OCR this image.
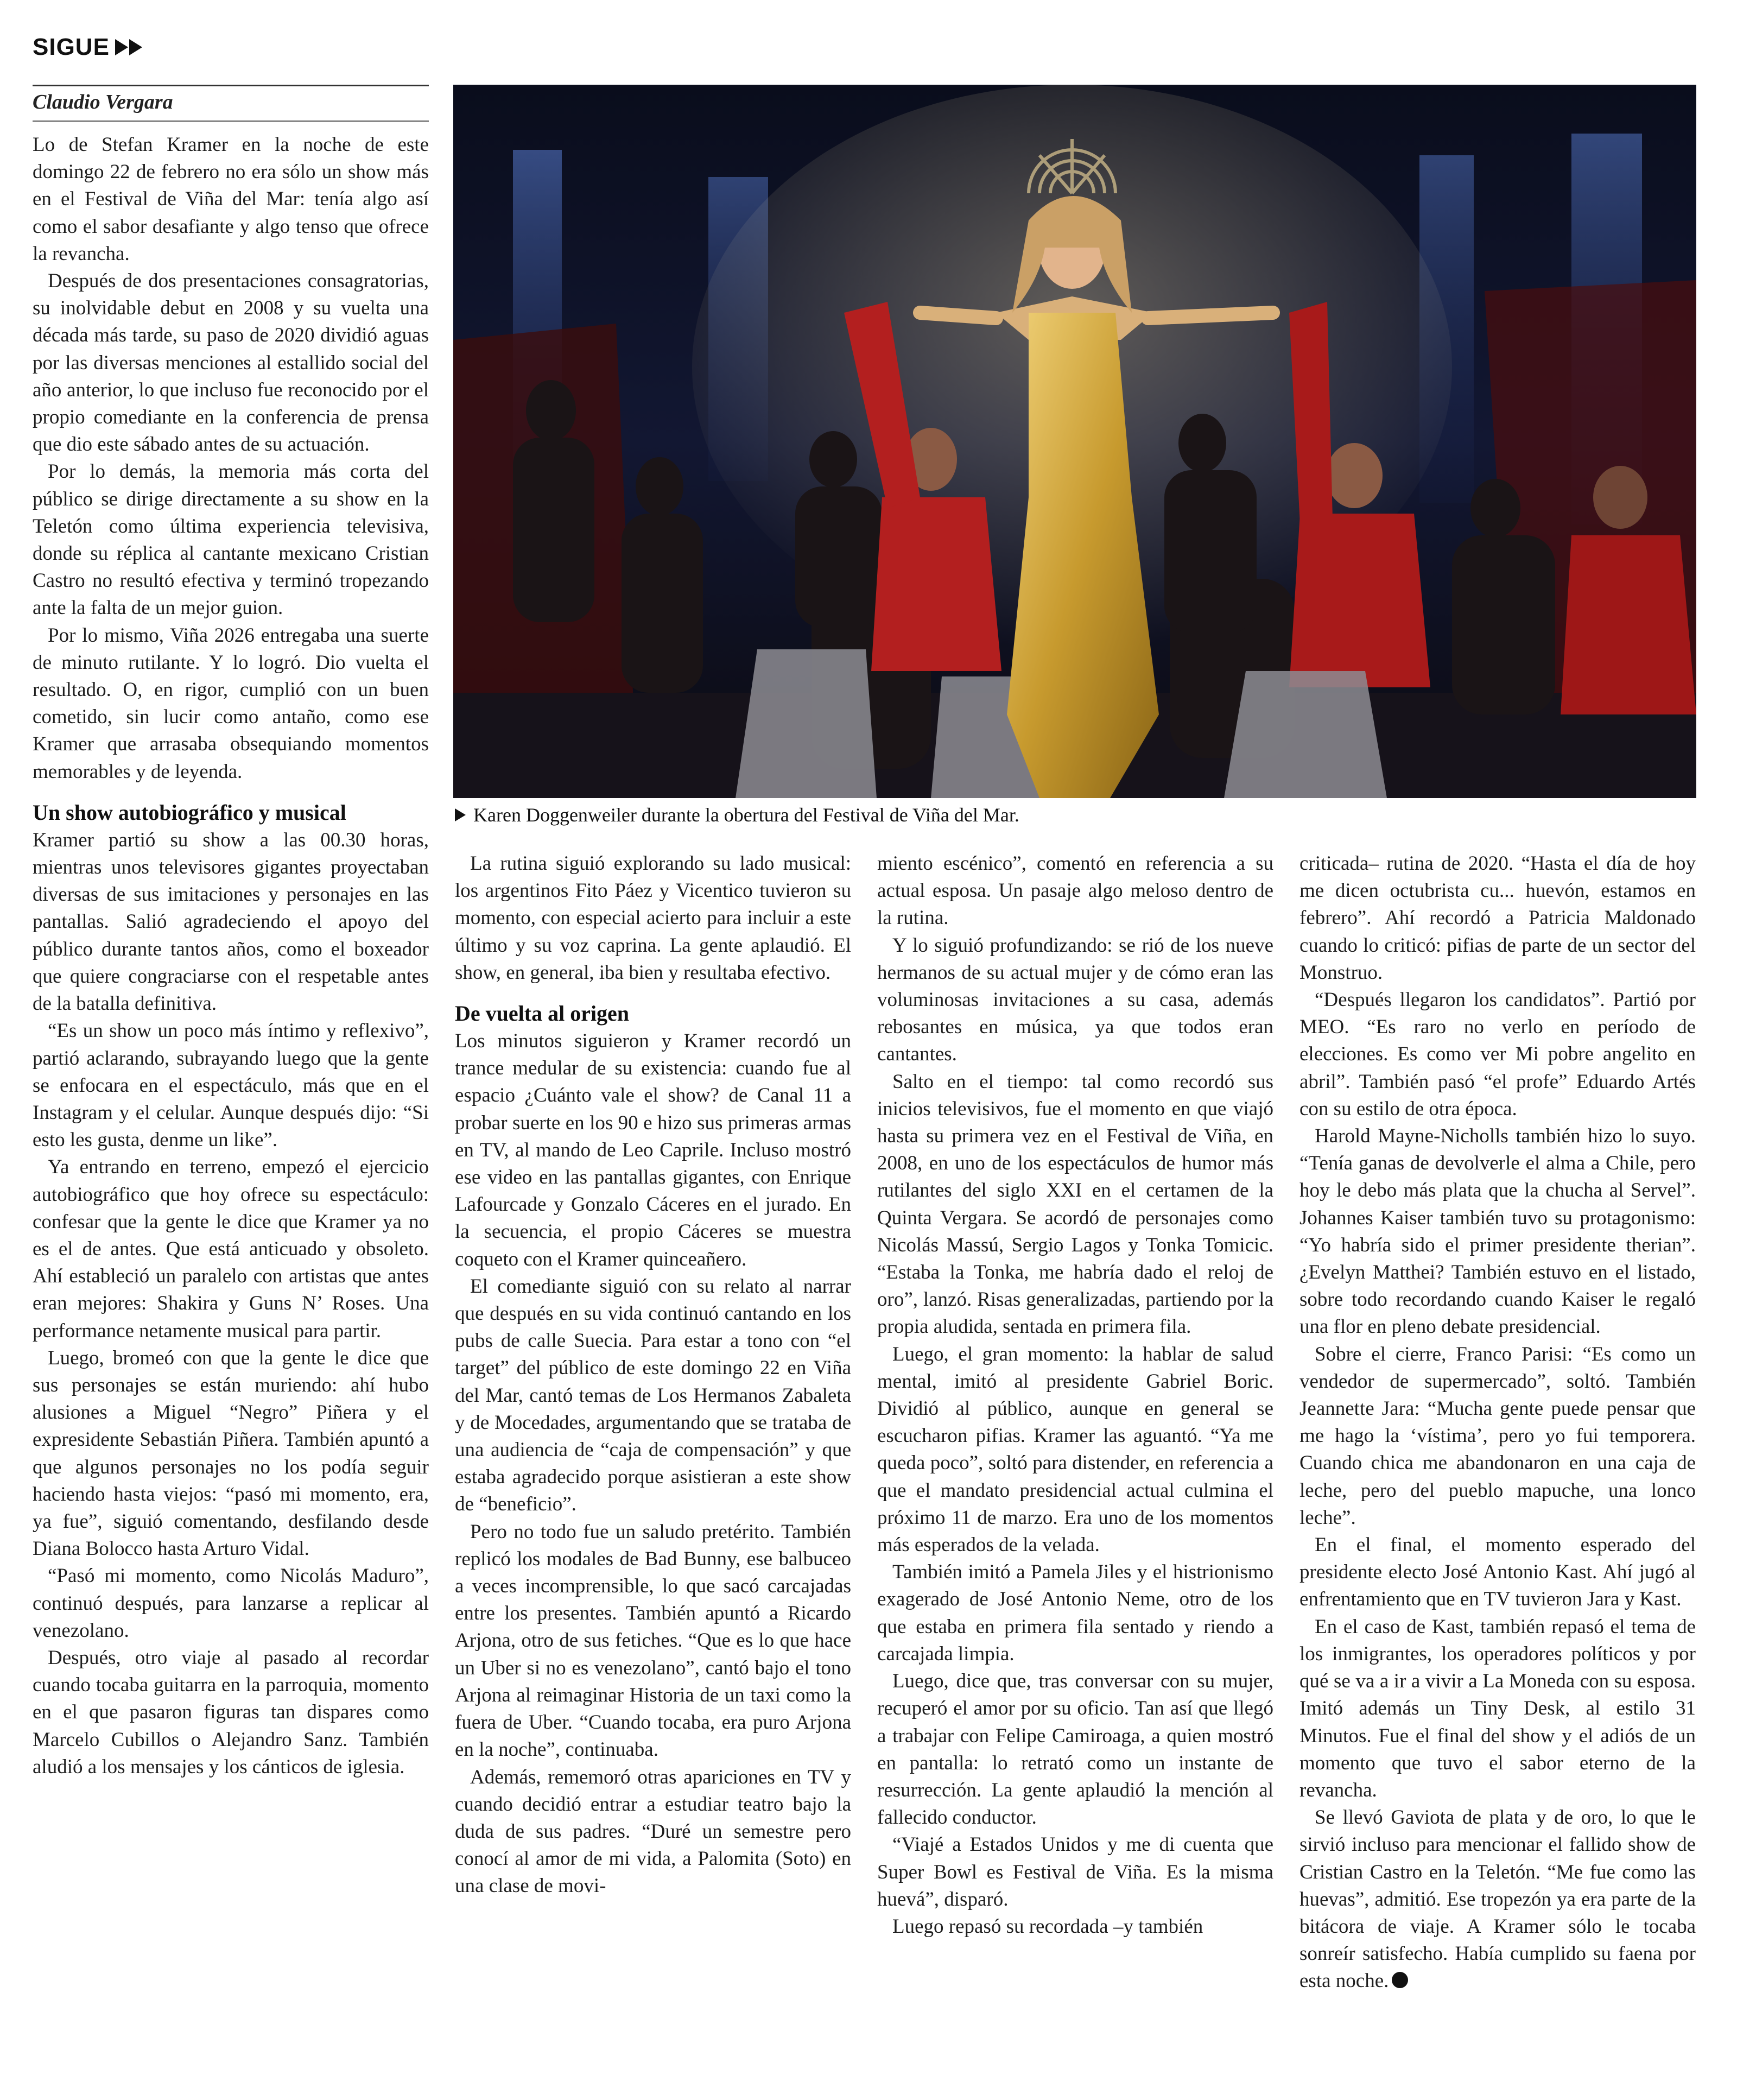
SIGUE
Claudio Vergara
Karen Doggenweiler durante la obertura del Festival de Viña del Mar.

Lo de Stefan Kramer en la noche de este domingo 22 de febrero no era sólo un show más en el Festival de Viña del Mar: tenía algo así como el sabor desafiante y algo tenso que ofrece la revancha.

Después de dos presentaciones consagratorias, su inolvidable debut en 2008 y su vuelta una década más tarde, su paso de 2020 dividió aguas por las diversas menciones al estallido social del año anterior, lo que incluso fue reconocido por el propio comediante en la conferencia de prensa que dio este sábado antes de su actuación.

Por lo demás, la memoria más corta del público se dirige directamente a su show en la Teletón como última experiencia televisiva, donde su réplica al cantante mexicano Cristian Castro no resultó efectiva y terminó tropezando ante la falta de un mejor guion.

Por lo mismo, Viña 2026 entregaba una suerte de minuto rutilante. Y lo logró. Dio vuelta el resultado. O, en rigor, cumplió con un buen cometido, sin lucir como antaño, como ese Kramer que arrasaba obsequiando momentos memorables y de leyenda.

Un show autobiográfico y musical

Kramer partió su show a las 00.30 horas, mientras unos televisores gigantes proyectaban diversas de sus imitaciones y personajes en las pantallas. Salió agradeciendo el apoyo del público durante tantos años, como el boxeador que quiere congraciarse con el respetable antes de la batalla definitiva.

“Es un show un poco más íntimo y reflexivo”, partió aclarando, subrayando luego que la gente se enfocara en el espectáculo, más que en el Instagram y el celular. Aunque después dijo: “Si esto les gusta, denme un like”.

Ya entrando en terreno, empezó el ejercicio autobiográfico que hoy ofrece su espectáculo: confesar que la gente le dice que Kramer ya no es el de antes. Que está anticuado y obsoleto. Ahí estableció un paralelo con artistas que antes eran mejores: Shakira y Guns N’ Roses. Una performance netamente musical para partir.

Luego, bromeó con que la gente le dice que sus personajes se están muriendo: ahí hubo alusiones a Miguel “Negro” Piñera y el expresidente Sebastián Piñera. También apuntó a que algunos personajes no los podía seguir haciendo hasta viejos: “pasó mi momento, era, ya fue”, siguió comentando, desfilando desde Diana Bolocco hasta Arturo Vidal.

“Pasó mi momento, como Nicolás Maduro”, continuó después, para lanzarse a replicar al venezolano.

Después, otro viaje al pasado al recordar cuando tocaba guitarra en la parroquia, momento en el que pasaron figuras tan dispares como Marcelo Cubillos o Alejandro Sanz. También aludió a los mensajes y los cánticos de iglesia.

La rutina siguió explorando su lado musical: los argentinos Fito Páez y Vicentico tuvieron su momento, con especial acierto para incluir a este último y su voz caprina. La gente aplaudió. El show, en general, iba bien y resultaba efectivo.

De vuelta al origen

Los minutos siguieron y Kramer recordó un trance medular de su existencia: cuando fue al espacio ¿Cuánto vale el show? de Canal 11 a probar suerte en los 90 e hizo sus primeras armas en TV, al mando de Leo Caprile. Incluso mostró ese video en las pantallas gigantes, con Enrique Lafourcade y Gonzalo Cáceres en el jurado. En la secuencia, el propio Cáceres se muestra coqueto con el Kramer quinceañero.

El comediante siguió con su relato al narrar que después en su vida continuó cantando en los pubs de calle Suecia. Para estar a tono con “el target” del público de este domingo 22 en Viña del Mar, cantó temas de Los Hermanos Zabaleta y de Mocedades, argumentando que se trataba de una audiencia de “caja de compensación” y que estaba agradecido porque asistieran a este show de “beneficio”.

Pero no todo fue un saludo pretérito. También replicó los modales de Bad Bunny, ese balbuceo a veces incomprensible, lo que sacó carcajadas entre los presentes. También apuntó a Ricardo Arjona, otro de sus fetiches. “Que es lo que hace un Uber si no es venezolano”, cantó bajo el tono Arjona al reimaginar Historia de un taxi como la fuera de Uber. “Cuando tocaba, era puro Arjona en la noche”, continuaba.

Además, rememoró otras apariciones en TV y cuando decidió entrar a estudiar teatro bajo la duda de sus padres. “Duré un semestre pero conocí al amor de mi vida, a Palomita (Soto) en una clase de movi-

miento escénico”, comentó en referencia a su actual esposa. Un pasaje algo meloso dentro de la rutina.

Y lo siguió profundizando: se rió de los nueve hermanos de su actual mujer y de cómo eran las voluminosas invitaciones a su casa, además rebosantes en música, ya que todos eran cantantes.

Salto en el tiempo: tal como recordó sus inicios televisivos, fue el momento en que viajó hasta su primera vez en el Festival de Viña, en 2008, en uno de los espectáculos de humor más rutilantes del siglo XXI en el certamen de la Quinta Vergara. Se acordó de personajes como Nicolás Massú, Sergio Lagos y Tonka Tomicic. “Estaba la Tonka, me habría dado el reloj de oro”, lanzó. Risas generalizadas, partiendo por la propia aludida, sentada en primera fila.

Luego, el gran momento: la hablar de salud mental, imitó al presidente Gabriel Boric. Dividió al público, aunque en general se escucharon pifias. Kramer las aguantó. “Ya me queda poco”, soltó para distender, en referencia a que el mandato presidencial actual culmina el próximo 11 de marzo. Era uno de los momentos más esperados de la velada.

También imitó a Pamela Jiles y el histrionismo exagerado de José Antonio Neme, otro de los que estaba en primera fila sentado y riendo a carcajada limpia.

Luego, dice que, tras conversar con su mujer, recuperó el amor por su oficio. Tan así que llegó a trabajar con Felipe Camiroaga, a quien mostró en pantalla: lo retrató como un instante de resurrección. La gente aplaudió la mención al fallecido conductor.

“Viajé a Estados Unidos y me di cuenta que Super Bowl es Festival de Viña. Es la misma huevá”, disparó.

Luego repasó su recordada –y también

criticada– rutina de 2020. “Hasta el día de hoy me dicen octubrista cu... huevón, estamos en febrero”. Ahí recordó a Patricia Maldonado cuando lo criticó: pifias de parte de un sector del Monstruo.

“Después llegaron los candidatos”. Partió por MEO. “Es raro no verlo en período de elecciones. Es como ver Mi pobre angelito en abril”. También pasó “el profe” Eduardo Artés con su estilo de otra época.

Harold Mayne-Nicholls también hizo lo suyo. “Tenía ganas de devolverle el alma a Chile, pero hoy le debo más plata que la chucha al Servel”. Johannes Kaiser también tuvo su protagonismo: “Yo habría sido el primer presidente therian”. ¿Evelyn Matthei? También estuvo en el listado, sobre todo recordando cuando Kaiser le regaló una flor en pleno debate presidencial.

Sobre el cierre, Franco Parisi: “Es como un vendedor de supermercado”, soltó. También Jeannette Jara: “Mucha gente puede pensar que me hago la ‘vístima’, pero yo fui temporera. Cuando chica me abandonaron en una caja de leche, pero del pueblo mapuche, una lonco leche”.

En el final, el momento esperado del presidente electo José Antonio Kast. Ahí jugó al enfrentamiento que en TV tuvieron Jara y Kast.

En el caso de Kast, también repasó el tema de los inmigrantes, los operadores políticos y por qué se va a ir a vivir a La Moneda con su esposa. Imitó además un Tiny Desk, al estilo 31 Minutos. Fue el final del show y el adiós de un momento que tuvo el sabor eterno de la revancha.

Se llevó Gaviota de plata y de oro, lo que le sirvió incluso para mencionar el fallido show de Cristian Castro en la Teletón. “Me fue como las huevas”, admitió. Ese tropezón ya era parte de la bitácora de viaje. A Kramer sólo le tocaba sonreír satisfecho. Había cumplido su faena por esta noche.
